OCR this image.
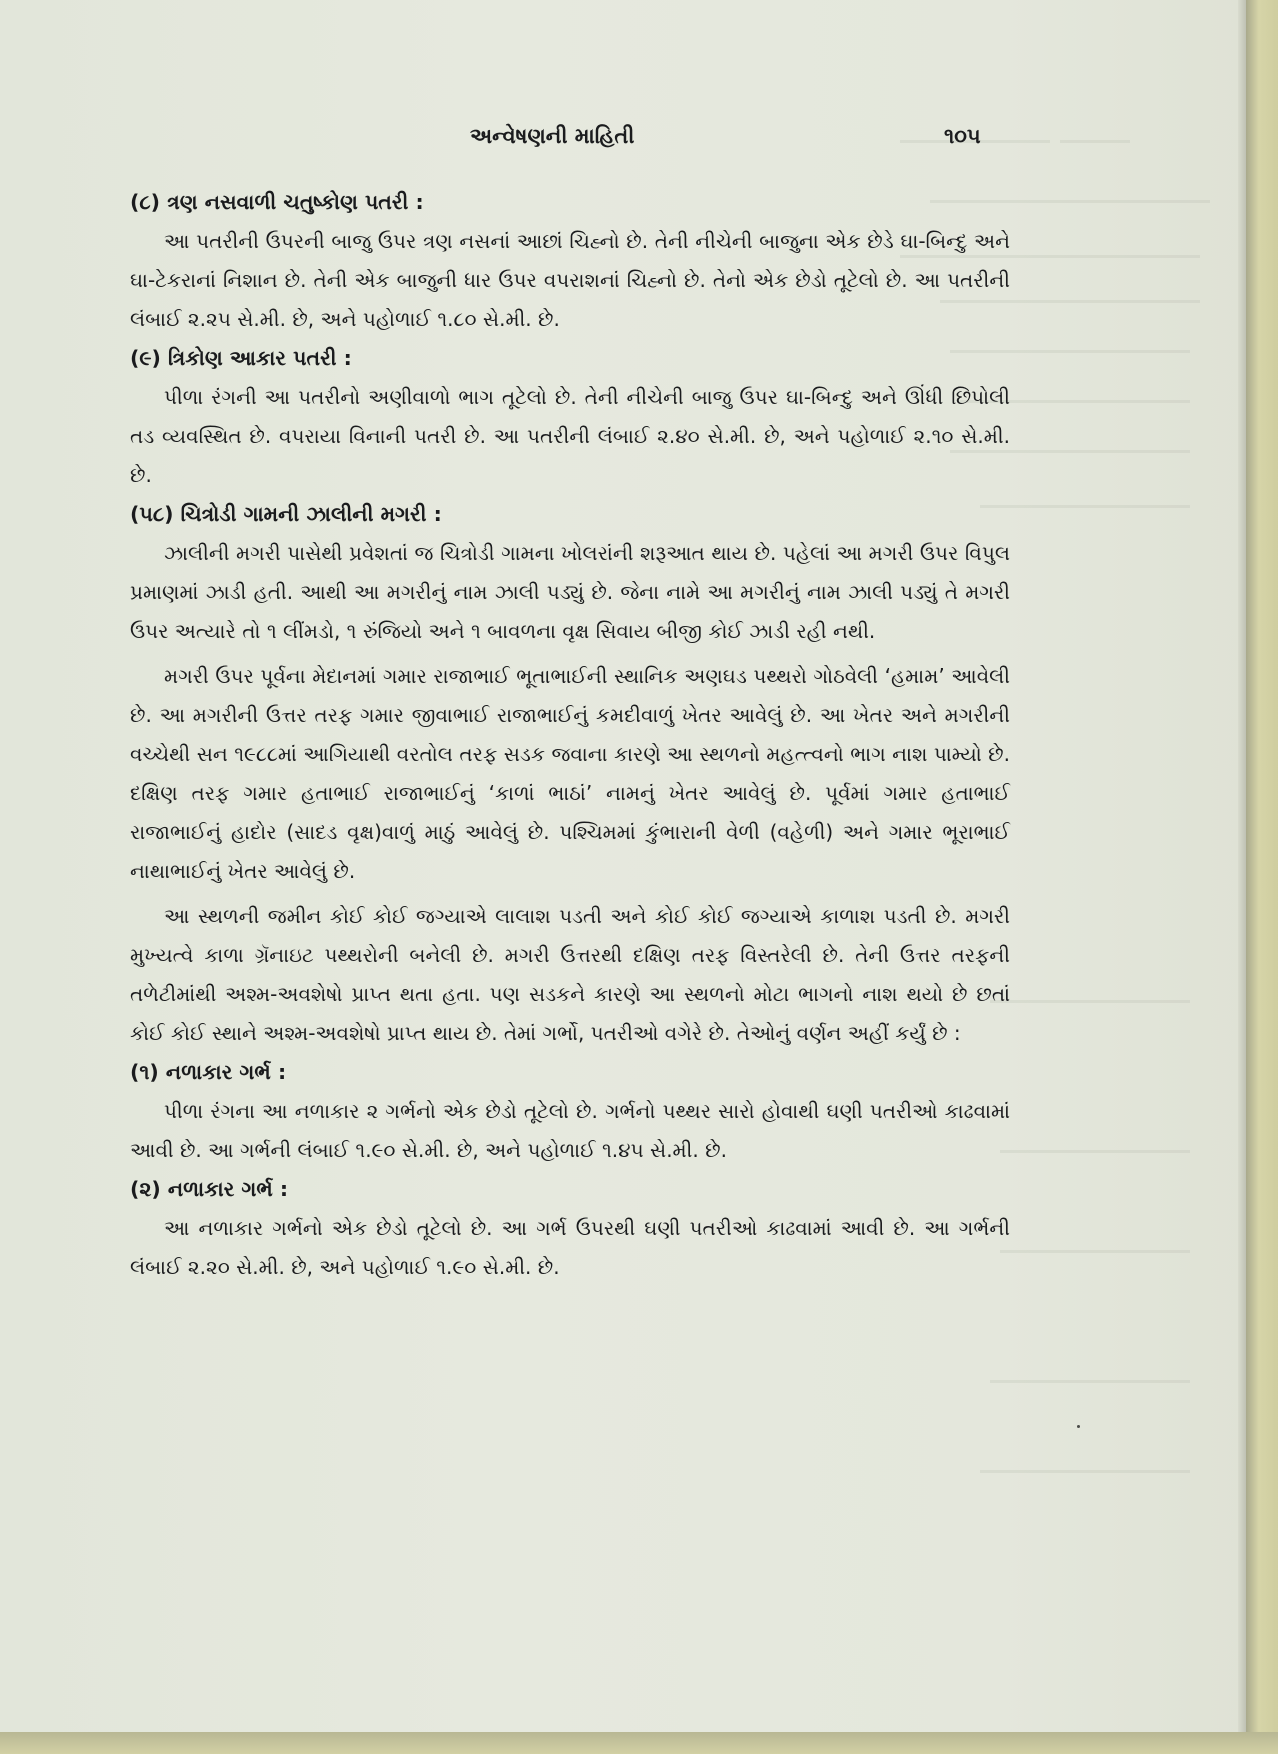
અન્વેષણની માહિતી	૧૦૫

(૮) ત્રણ નસવાળી ચતુષ્કોણ પતરી :

આ પતરીની ઉપરની બાજુ ઉપર ત્રણ નસનાં આછાં ચિહ્નો છે. તેની નીચેની બાજુના એક છેડે ઘા-બિન્દુ અને ઘા-ટેકરાનાં નિશાન છે. તેની એક બાજુની ધાર ઉપર વપરાશનાં ચિહ્નો છે. તેનો એક છેડો તૂટેલો છે. આ પતરીની લંબાઈ ૨.૨૫ સે.મી. છે, અને પહોળાઈ ૧.૮૦ સે.મી. છે.

(૯) ત્રિકોણ આકાર પતરી :

પીળા રંગની આ પતરીનો અણીવાળો ભાગ તૂટેલો છે. તેની નીચેની બાજુ ઉપર ઘા-બિન્દુ અને ઊંધી છિપોલી તડ વ્યવસ્થિત છે. વપરાયા વિનાની પતરી છે. આ પતરીની લંબાઈ ૨.૪૦ સે.મી. છે, અને પહોળાઈ ૨.૧૦ સે.મી. છે.

(૫૮) ચિત્રોડી ગામની ઝાલીની મગરી :

ઝાલીની મગરી પાસેથી પ્રવેશતાં જ ચિત્રોડી ગામના ખોલરાંની શરૂઆત થાય છે. પહેલાં આ મગરી ઉપર વિપુલ પ્રમાણમાં ઝાડી હતી. આથી આ મગરીનું નામ ઝાલી પડ્યું છે. જેના નામે આ મગરીનું નામ ઝાલી પડ્યું તે મગરી ઉપર અત્યારે તો ૧ લીંમડો, ૧ રુંજિયો અને ૧ બાવળના વૃક્ષ સિવાય બીજી કોઈ ઝાડી રહી નથી.

મગરી ઉપર પૂર્વના મેદાનમાં ગમાર રાજાભાઈ ભૂતાભાઈની સ્થાનિક અણઘડ પથ્થરો ગોઠવેલી ‘હમામ’ આવેલી છે. આ મગરીની ઉત્તર તરફ ગમાર જીવાભાઈ રાજાભાઈનું કમદીવાળું ખેતર આવેલું છે. આ ખેતર અને મગરીની વચ્ચેથી સન ૧૯૮૮માં આગિયાથી વરતોલ તરફ સડક જવાના કારણે આ સ્થળનો મહત્ત્વનો ભાગ નાશ પામ્યો છે. દક્ષિણ તરફ ગમાર હતાભાઈ રાજાભાઈનું ‘કાળાં ભાઠાં’ નામનું ખેતર આવેલું છે. પૂર્વમાં ગમાર હતાભાઈ રાજાભાઈનું હાદોર (સાદડ વૃક્ષ)વાળું માઠું આવેલું છે. પશ્ચિમમાં કુંભારાની વેળી (વહેળી) અને ગમાર ભૂરાભાઈ નાથાભાઈનું ખેતર આવેલું છે.

આ સ્થળની જમીન કોઈ કોઈ જગ્યાએ લાલાશ પડતી અને કોઈ કોઈ જગ્યાએ કાળાશ પડતી છે. મગરી મુખ્યત્વે કાળા ગ્રૅનાઇટ પથ્થરોની બનેલી છે. મગરી ઉત્તરથી દક્ષિણ તરફ વિસ્તરેલી છે. તેની ઉત્તર તરફની તળેટીમાંથી અશ્મ-અવશેષો પ્રાપ્ત થતા હતા. પણ સડકને કારણે આ સ્થળનો મોટા ભાગનો નાશ થયો છે છતાં કોઈ કોઈ સ્થાને અશ્મ-અવશેષો પ્રાપ્ત થાય છે. તેમાં ગર્ભો, પતરીઓ વગેરે છે. તેઓનું વર્ણન અહીં કર્યું છે :

(૧) નળાકાર ગર્ભ :

પીળા રંગના આ નળાકાર ૨ ગર્ભનો એક છેડો તૂટેલો છે. ગર્ભનો પથ્થર સારો હોવાથી ઘણી પતરીઓ કાઢવામાં આવી છે. આ ગર્ભની લંબાઈ ૧.૯૦ સે.મી. છે, અને પહોળાઈ ૧.૪૫ સે.મી. છે.

(૨) નળાકાર ગર્ભ :

આ નળાકાર ગર્ભનો એક છેડો તૂટેલો છે. આ ગર્ભ ઉપરથી ઘણી પતરીઓ કાઢવામાં આવી છે. આ ગર્ભની લંબાઈ ૨.૨૦ સે.મી. છે, અને પહોળાઈ ૧.૯૦ સે.મી. છે.
